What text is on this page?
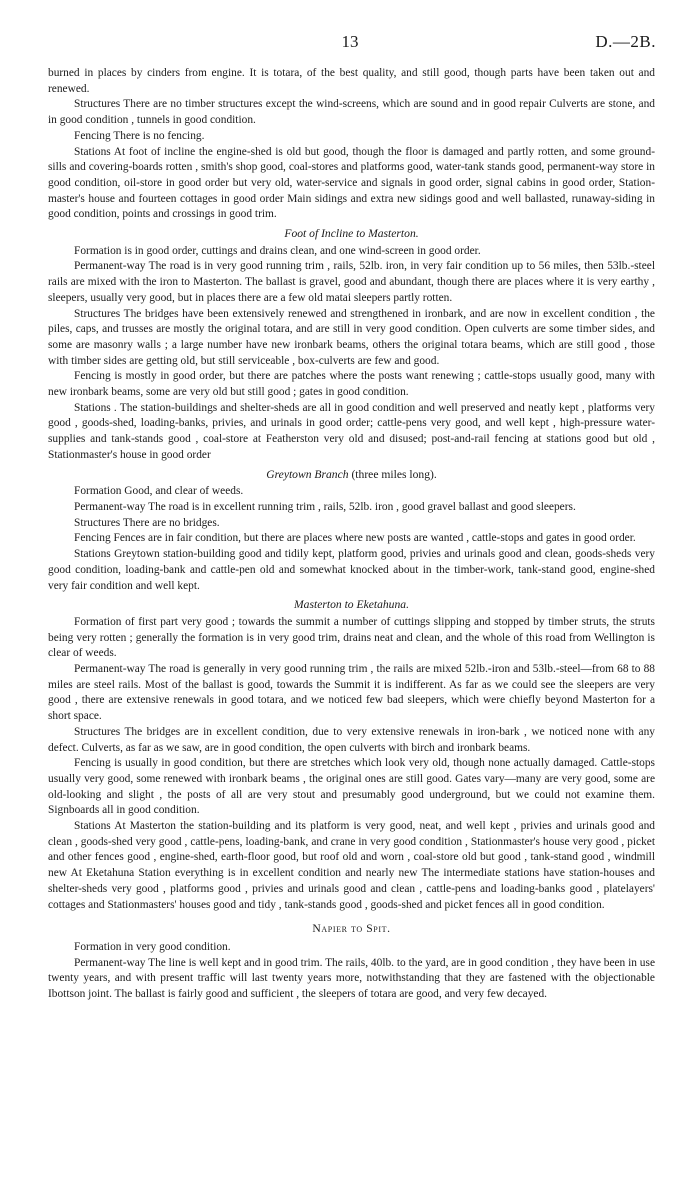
13	D.—2B.

burned in places by cinders from engine. It is totara, of the best quality, and still good, though parts have been taken out and renewed.

Structures There are no timber structures except the wind-screens, which are sound and in good repair Culverts are stone, and in good condition , tunnels in good condition.

Fencing There is no fencing.

Stations At foot of incline the engine-shed is old but good, though the floor is damaged and partly rotten, and some ground-sills and covering-boards rotten , smith's shop good, coal-stores and platforms good, water-tank stands good, permanent-way store in good condition, oil-store in good order but very old, water-service and signals in good order, signal cabins in good order, Station-master's house and fourteen cottages in good order Main sidings and extra new sidings good and well ballasted, runaway-siding in good condition, points and crossings in good trim.

Foot of Incline to Masterton.

Formation is in good order, cuttings and drains clean, and one wind-screen in good order.

Permanent-way The road is in very good running trim , rails, 52lb. iron, in very fair condition up to 56 miles, then 53lb.-steel rails are mixed with the iron to Masterton. The ballast is gravel, good and abundant, though there are places where it is very earthy , sleepers, usually very good, but in places there are a few old matai sleepers partly rotten.

Structures The bridges have been extensively renewed and strengthened in ironbark, and are now in excellent condition , the piles, caps, and trusses are mostly the original totara, and are still in very good condition. Open culverts are some timber sides, and some are masonry walls ; a large number have new ironbark beams, others the original totara beams, which are still good , those with timber sides are getting old, but still serviceable , box-culverts are few and good.

Fencing is mostly in good order, but there are patches where the posts want renewing ; cattle-stops usually good, many with new ironbark beams, some are very old but still good ; gates in good condition.

Stations . The station-buildings and shelter-sheds are all in good condition and well preserved and neatly kept , platforms very good , goods-shed, loading-banks, privies, and urinals in good order; cattle-pens very good, and well kept , high-pressure water-supplies and tank-stands good , coal-store at Featherston very old and disused; post-and-rail fencing at stations good but old , Stationmaster's house in good order

Greytown Branch (three miles long).

Formation Good, and clear of weeds.

Permanent-way The road is in excellent running trim , rails, 52lb. iron , good gravel ballast and good sleepers.

Structures There are no bridges.

Fencing Fences are in fair condition, but there are places where new posts are wanted , cattle-stops and gates in good order.

Stations Greytown station-building good and tidily kept, platform good, privies and urinals good and clean, goods-sheds very good condition, loading-bank and cattle-pen old and somewhat knocked about in the timber-work, tank-stand good, engine-shed very fair condition and well kept.

Masterton to Eketahuna.

Formation of first part very good ; towards the summit a number of cuttings slipping and stopped by timber struts, the struts being very rotten ; generally the formation is in very good trim, drains neat and clean, and the whole of this road from Wellington is clear of weeds.

Permanent-way The road is generally in very good running trim , the rails are mixed 52lb.-iron and 53lb.-steel—from 68 to 88 miles are steel rails. Most of the ballast is good, towards the Summit it is indifferent. As far as we could see the sleepers are very good , there are extensive renewals in good totara, and we noticed few bad sleepers, which were chiefly beyond Masterton for a short space.

Structures The bridges are in excellent condition, due to very extensive renewals in iron-bark , we noticed none with any defect. Culverts, as far as we saw, are in good condition, the open culverts with birch and ironbark beams.

Fencing is usually in good condition, but there are stretches which look very old, though none actually damaged. Cattle-stops usually very good, some renewed with ironbark beams , the original ones are still good. Gates vary—many are very good, some are old-looking and slight , the posts of all are very stout and presumably good underground, but we could not examine them. Signboards all in good condition.

Stations At Masterton the station-building and its platform is very good, neat, and well kept , privies and urinals good and clean , goods-shed very good , cattle-pens, loading-bank, and crane in very good condition , Stationmaster's house very good , picket and other fences good , engine-shed, earth-floor good, but roof old and worn , coal-store old but good , tank-stand good , windmill new At Eketahuna Station everything is in excellent condition and nearly new The intermediate stations have station-houses and shelter-sheds very good , platforms good , privies and urinals good and clean , cattle-pens and loading-banks good , platelayers' cottages and Stationmasters' houses good and tidy , tank-stands good , goods-shed and picket fences all in good condition.

Napier to Spit.

Formation in very good condition.

Permanent-way The line is well kept and in good trim. The rails, 40lb. to the yard, are in good condition , they have been in use twenty years, and with present traffic will last twenty years more, notwithstanding that they are fastened with the objectionable Ibottson joint. The ballast is fairly good and sufficient , the sleepers of totara are good, and very few decayed.
